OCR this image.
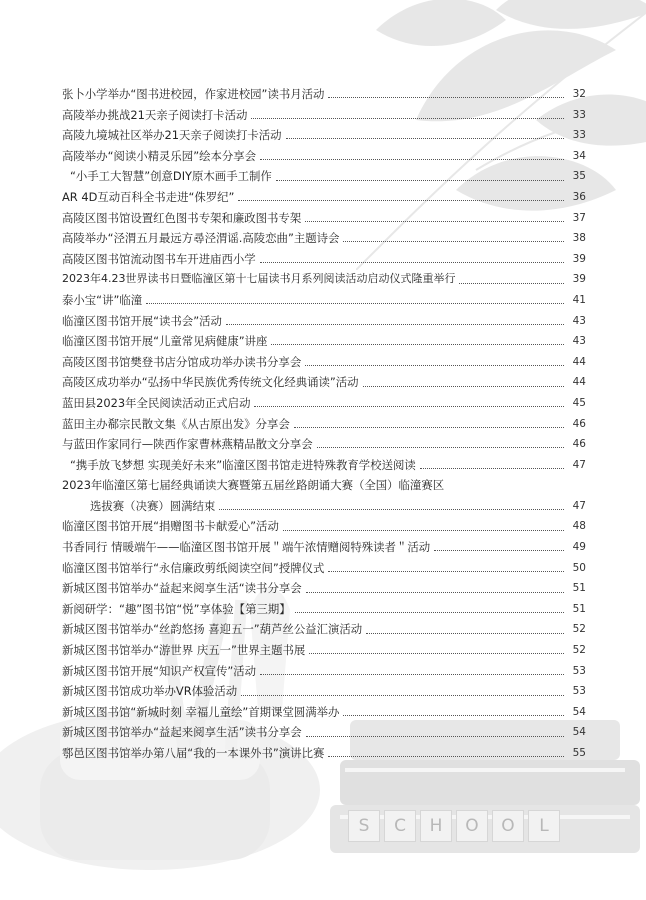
S	C	H	O	O	L
张卜小学举办“图书进校园，作家进校园”读书月活动	32
高陵举办挑战21天亲子阅读打卡活动	33
高陵九境城社区举办21天亲子阅读打卡活动	33
高陵举办“阅读小精灵乐园”绘本分享会	34
“小手工大智慧”创意DIY原木画手工制作	35
AR 4D互动百科全书走进“侏罗纪”	36
高陵区图书馆设置红色图书专架和廉政图书专架	37
高陵举办“泾渭五月最远方尋泾渭谣.高陵恋曲”主题诗会	38
高陵区图书馆流动图书车开进庙西小学	39
2023年4.23世界读书日暨临潼区第十七届读书月系列阅读活动启动仪式隆重举行	39
泰小宝“讲”临潼	41
临潼区图书馆开展“读书会”活动	43
临潼区图书馆开展“儿童常见病健康”讲座	43
高陵区图书馆樊登书店分馆成功举办读书分享会	44
高陵区成功举办“弘扬中华民族优秀传统文化经典诵读”活动	44
蓝田县2023年全民阅读活动正式启动	45
蓝田主办郗宗民散文集《从古原出发》分享会	46
与蓝田作家同行—陕西作家曹林燕精品散文分享会	46
“携手放飞梦想 实现美好未来”临潼区图书馆走进特殊教育学校送阅读	47
2023年临潼区第七届经典诵读大赛暨第五届丝路朗诵大赛（全国）临潼赛区
选拔赛（决赛）圆满结束	47
临潼区图书馆开展“捐赠图书卡献爱心”活动	48
书香同行 情暖端午——临潼区图书馆开展＂端午浓情赠阅特殊读者＂活动	49
临潼区图书馆举行“永信廉政剪纸阅读空间”授牌仪式	50
新城区图书馆举办“益起来阅享生活“读书分享会	51
新阅研学：“趣”图书馆“悦”享体验【第三期】	51
新城区图书馆举办“丝韵悠扬 喜迎五一”葫芦丝公益汇演活动	52
新城区图书馆举办“游世界 庆五一”世界主题书展	52
新城区图书馆开展“知识产权宣传”活动	53
新城区图书馆成功举办VR体验活动	53
新城区图书馆“新城时刻 幸福儿童绘”首期课堂圆满举办	54
新城区图书馆举办“益起来阅享生活”读书分享会	54
鄠邑区图书馆举办第八届“我的一本课外书”演讲比赛	55
